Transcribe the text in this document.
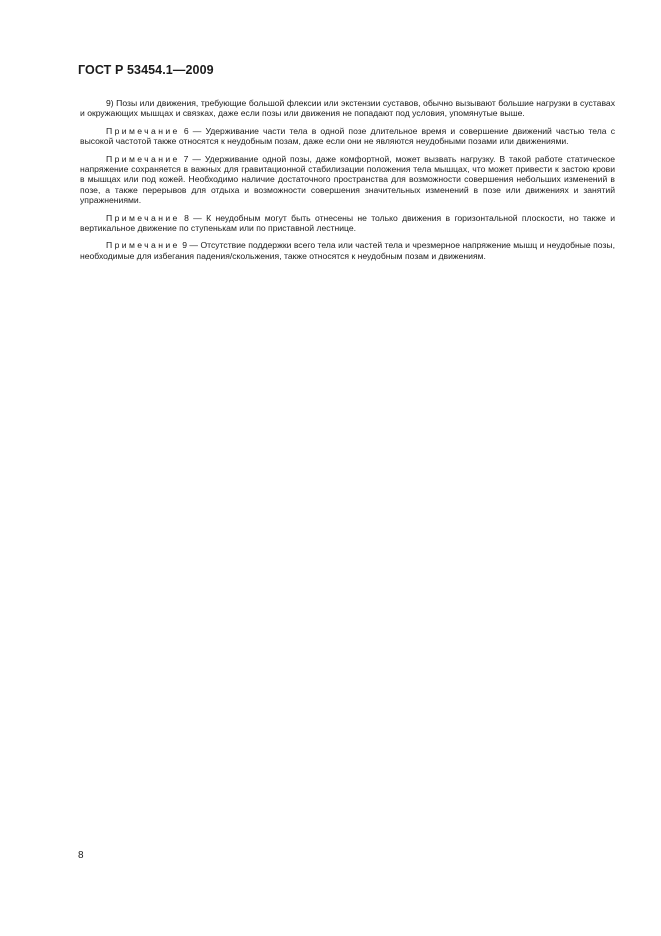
ГОСТ Р 53454.1—2009

9) Позы или движения, требующие большой флексии или экстензии суставов, обычно вызывают большие нагрузки в суставах и окружающих мышцах и связках, даже если позы или движения не попадают под условия, упомянутые выше.

Примечание 6 — Удерживание части тела в одной позе длительное время и совершение движений частью тела с высокой частотой также относятся к неудобным позам, даже если они не являются неудобными позами или движениями.

Примечание 7 — Удерживание одной позы, даже комфортной, может вызвать нагрузку. В такой работе статическое напряжение сохраняется в важных для гравитационной стабилизации положения тела мышцах, что может привести к застою крови в мышцах или под кожей. Необходимо наличие достаточного пространства для возможности совершения небольших изменений в позе, а также перерывов для отдыха и возможности совершения значительных изменений в позе или движениях и занятий упражнениями.

Примечание 8 — К неудобным могут быть отнесены не только движения в горизонтальной плоскости, но также и вертикальное движение по ступенькам или по приставной лестнице.

Примечание 9 — Отсутствие поддержки всего тела или частей тела и чрезмерное напряжение мышц и неудобные позы, необходимые для избегания падения/скольжения, также относятся к неудобным позам и движениям.

8
